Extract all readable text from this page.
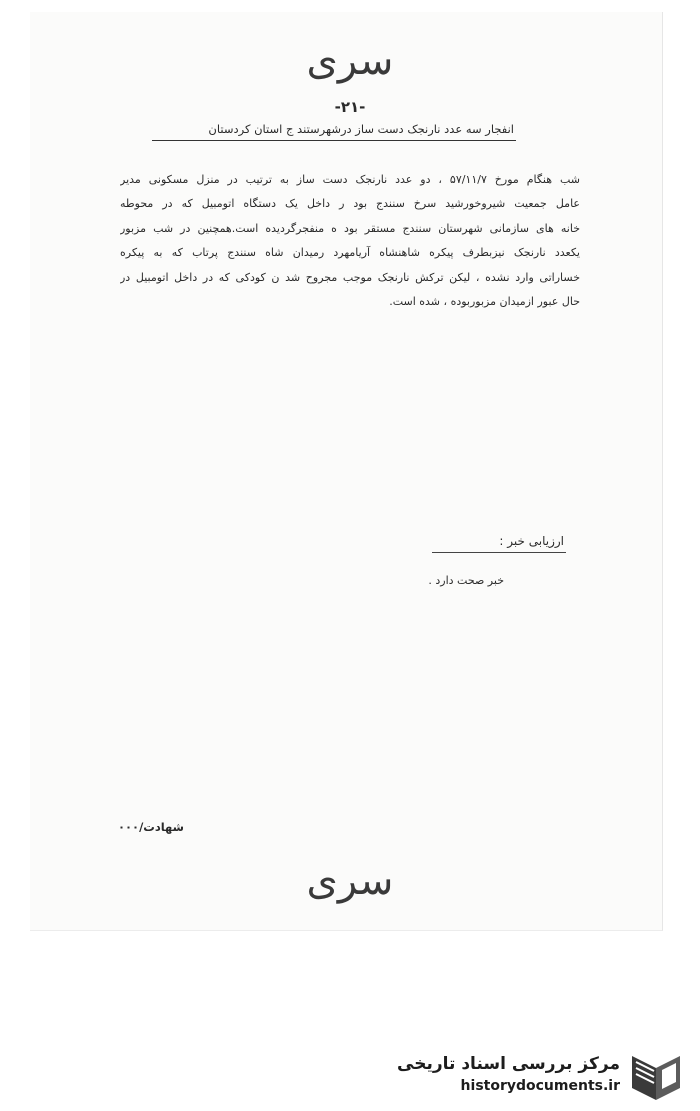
سری
-۲۱-
انفجار سه عدد نارنجک دست ساز درشهرستند ج استان کردستان
شب هنگام مورخ ۵۷/۱۱/۷ ، دو عدد نارنجک دست ساز به ترتیب در منزل مسکونی مدیر
عامل جمعیت شیروخورشید سرخ سنندج بود ر داخل یک دستگاه اتومبیل که در محوطه
خانه های سازمانی شهرستان سنندج مستقر بود ه منفجرگردیده است.همچنین در شب مزبور
یکعدد نارنجک نیزبطرف پیکره شاهنشاه آریامهرد رمیدان شاه سنندج پرتاب که به پیکره
خساراتی وارد نشده ، لیکن ترکش نارنجک موجب مجروح شد ن کودکی که در داخل اتومبیل در
حال عبور ازمیدان مزبوربوده ، شده است.
ارزیابی خبر :
خبر صحت دارد .
شهادت/۰۰۰
سری
مرکز بررسی اسناد تاریخی
historydocuments.ir
